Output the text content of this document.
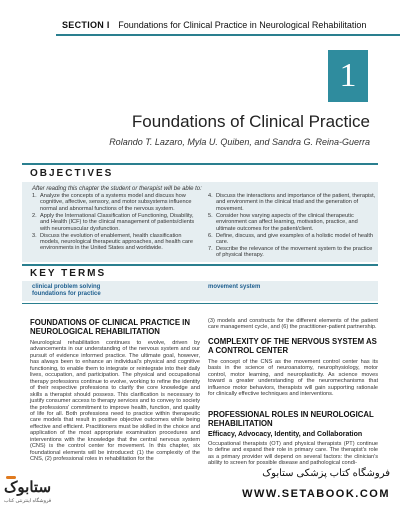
SECTION I Foundations for Clinical Practice in Neurological Rehabilitation
1
Foundations of Clinical Practice
Rolando T. Lazaro, Myla U. Quiben, and Sandra G. Reina-Guerra
OBJECTIVES
After reading this chapter the student or therapist will be able to:
1. Analyze the concepts of a systems model and discuss how cognitive, affective, sensory, and motor subsystems influence normal and abnormal functions of the nervous system.
2. Apply the International Classification of Functioning, Disability, and Health (ICF) to the clinical management of patients/clients with neuromuscular dysfunction.
3. Discuss the evolution of enablement, health classification models, neurological therapeutic approaches, and health care environments in the United States and worldwide.
4. Discuss the interactions and importance of the patient, therapist, and environment in the clinical triad and the generation of movement.
5. Consider how varying aspects of the clinical therapeutic environment can affect learning, motivation, practice, and ultimate outcomes for the patient/client.
6. Define, discuss, and give examples of a holistic model of health care.
7. Describe the relevance of the movement system to the practice of physical therapy.
KEY TERMS
clinical problem solving
foundations for practice
movement system
FOUNDATIONS OF CLINICAL PRACTICE IN NEUROLOGICAL REHABILITATION

Neurological rehabilitation continues to evolve, driven by advancements in our understanding of the nervous system and our pursuit of evidence informed practice. The ultimate goal, however, has always been to enhance an individual's physical and cognitive functioning, to enable them to integrate or reintegrate into their daily lives, occupation, and participation. The physical and occupational therapy professions continue to evolve, working to refine the identity of their respective professions to clarify the core knowledge and skills a therapist should possess. This clarification is necessary to justify consumer access to therapy services and to convey to society the professions' commitment to improve health, function, and quality of life for all. Both professions need to practice within therapeutic care models that result in positive objective outcomes while being effective and efficient. Practitioners must be skilled in the choice and application of the most appropriate examination procedures and interventions with the knowledge that the central nervous system (CNS) is the control center for movement. In this chapter, six foundational elements will be introduced: (1) the complexity of the CNS, (2) professional roles in rehabilitation for the

(3) models and constructs for the different elements of the patient care management cycle, and (6) the practitioner-patient partnership.

COMPLEXITY OF THE NERVOUS SYSTEM AS A CONTROL CENTER

The concept of the CNS as the movement control center has its basis in the science of neuroanatomy, neurophysiology, motor control, motor learning, and neuroplasticity. As science moves toward a greater understanding of the neuromechanisms that influence motor behaviors, therapists will gain supporting rationale for clinically effective techniques and interventions.

PROFESSIONAL ROLES IN NEUROLOGICAL REHABILITATION
Efficacy, Advocacy, Identity, and Collaboration

Occupational therapists (OT) and physical therapists (PT) continue to define and expand their role in primary care. The therapist's role as a primary provider will depend on several factors: the clinician's ability to screen for possible disease and pathological condi-

ستابوک
فروشگاه اینترنتی کتاب
فروشگاه کتاب پزشکی ستابوک
WWW.SETABOOK.COM
